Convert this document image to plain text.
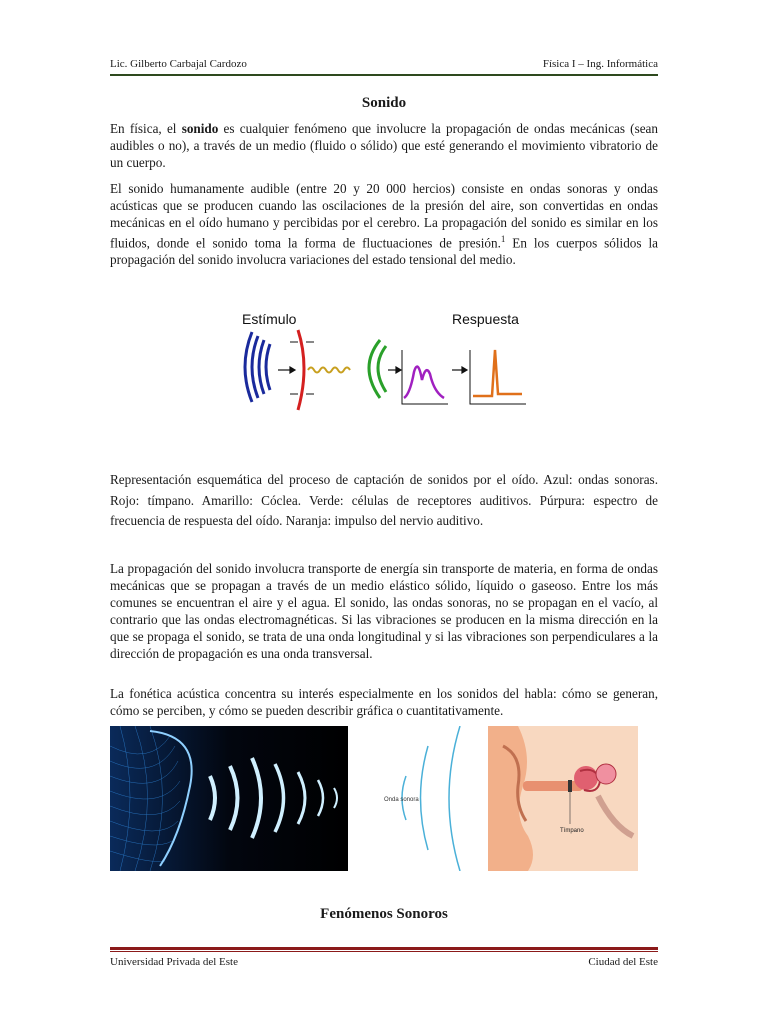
Lic. Gilberto Carbajal Cardozo	Física I – Ing. Informática
Sonido

En física, el sonido es cualquier fenómeno que involucre la propagación de ondas mecánicas (sean audibles o no), a través de un medio (fluido o sólido) que esté generando el movimiento vibratorio de un cuerpo.

El sonido humanamente audible (entre 20 y 20 000 hercios) consiste en ondas sonoras y ondas acústicas que se producen cuando las oscilaciones de la presión del aire, son convertidas en ondas mecánicas en el oído humano y percibidas por el cerebro. La propagación del sonido es similar en los fluidos, donde el sonido toma la forma de fluctuaciones de presión.$^1$ En los cuerpos sólidos la propagación del sonido involucra variaciones del estado tensional del medio.

Estímulo	Respuesta

Representación esquemática del proceso de captación de sonidos por el oído. Azul: ondas sonoras. Rojo: tímpano. Amarillo: Cóclea. Verde: células de receptores auditivos. Púrpura: espectro de frecuencia de respuesta del oído. Naranja: impulso del nervio auditivo.

La propagación del sonido involucra transporte de energía sin transporte de materia, en forma de ondas mecánicas que se propagan a través de un medio elástico sólido, líquido o gaseoso. Entre los más comunes se encuentran el aire y el agua. El sonido, las ondas sonoras, no se propagan en el vacío, al contrario que las ondas electromagnéticas. Si las vibraciones se producen en la misma dirección en la que se propaga el sonido, se trata de una onda longitudinal y si las vibraciones son perpendiculares a la dirección de propagación es una onda transversal.

La fonética acústica concentra su interés especialmente en los sonidos del habla: cómo se generan, cómo se perciben, y cómo se pueden describir gráfica o cuantitativamente.

Onda sonora
Tímpano
Fenómenos Sonoros
Universidad Privada del Este	Ciudad del Este
